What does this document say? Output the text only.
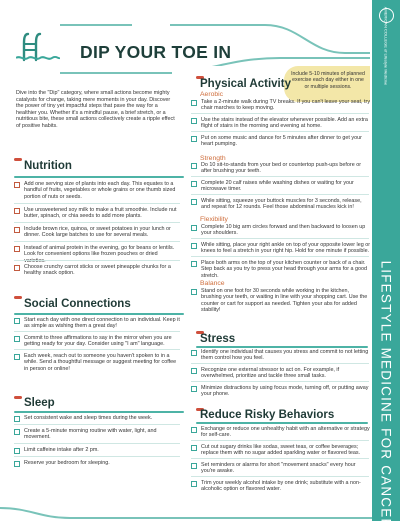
LIFESTYLE MEDICINE FOR CANCER
AMERICAN COLLEGE of Lifestyle Medicine
DIP YOUR TOE IN
Dive into the "Dip" category, where small actions become mighty catalysts for change, taking mere moments in your day. Discover the power of tiny yet impactful steps that pave the way for a healthier you. Whether it's a mindful pause, a brief stretch, or a nutritious bite, these small actions collectively create a ripple effect of positive habits.
Include 5-10 minutes of planned exercise each day either in one or multiple sessions.
Nutrition
Add one serving size of plants into each day. This equates to a handful of fruits, vegetables or whole grains or one thumb sized portion of nuts or seeds.
Use unsweetened soy milk to make a fruit smoothie. Include nut butter, spinach, or chia seeds to add more plants.
Include brown rice, quinoa, or sweet potatoes in your lunch or dinner. Cook large batches to use for several meals.
Instead of animal protein in the evening, go for beans or lentils. Look for convenient options like frozen pouches or dried
Choose crunchy carrot sticks or sweet pineapple chunks for a healthy snack option.
Social Connections
Start each day with one direct connection to an individual. Keep it as simple as wishing them a great day!
Commit to three affirmations to say in the mirror when you are getting ready for your day. Consider using "I am" language.
Each week, reach out to someone you haven't spoken to in a while. Send a thoughtful message or suggest meeting for coffee in person or online!
Sleep
Set consistent wake and sleep times during the week.
Create a 5-minute morning routine with water, light, and movement.
Limit caffeine intake after 2 pm.
Reserve your bedroom for sleeping.
Physical Activity
Aerobic
Take a 2-minute walk during TV breaks. If you can't leave your seat, try chair marches to keep moving.
Use the stairs instead of the elevator whenever possible. Add an extra flight of stairs in the morning and evening at home.
Put on some music and dance for 5 minutes after dinner to get your heart pumping.
Strength
Do 10 sit-to-stands from your bed or countertop push-ups before or after brushing your teeth.
Complete 20 calf raises while washing dishes or waiting for your microwave timer.
While sitting, squeeze your buttock muscles for 3 seconds, release, and repeat for 12 rounds. Feel those abdominal muscles kick in!
Flexibility
Complete 10 big arm circles forward and then backward to loosen up your shoulders.
While sitting, place your right ankle on top of your opposite lower leg or knees to feel a stretch in your right hip. Hold for one minute if possible.
Place both arms on the top of your kitchen counter or back of a chair. Step back as you try to press your head through your arms for a good stretch.
Balance
Stand on one foot for 30 seconds while working in the kitchen, brushing your teeth, or waiting in line with your shopping cart. Use the counter or cart for support as needed. Tighten your abs for added stability!
Stress
Identify one individual that causes you stress and commit to not letting them control how you feel.
Recognize one external stressor to act on. For example, if overwhelmed, prioritize and tackle three small tasks.
Minimize distractions by using focus mode, turning off, or putting away your phone.
Reduce Risky Behaviors
Exchange or reduce one unhealthy habit with an alternative or strategy for self-care.
Cut out sugary drinks like sodas, sweet teas, or coffee beverages; replace them with no sugar added sparkling water or flavored teas.
Set reminders or alarms for short "movement snacks" every hour you're awake.
Trim your weekly alcohol intake by one drink; substitute with a non-alcoholic option or flavored water.
